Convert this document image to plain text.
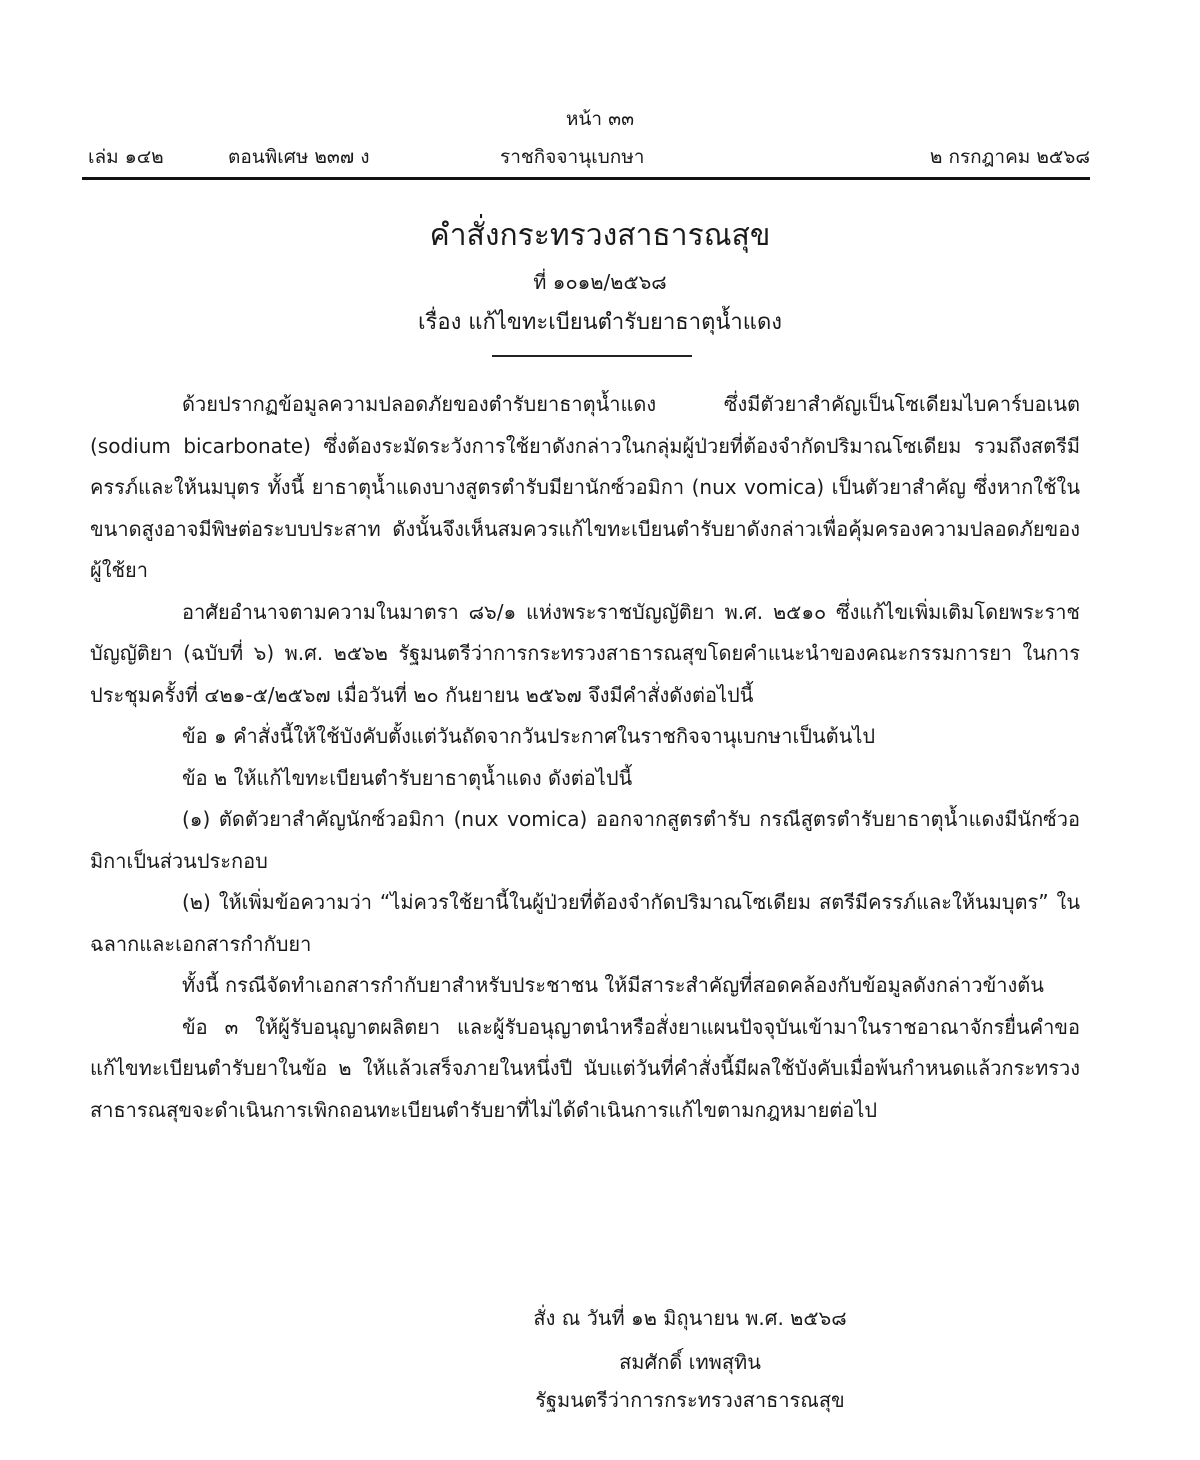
หน้า ๓๓
เล่ม ๑๔๒	ตอนพิเศษ ๒๓๗ ง	ราชกิจจานุเบกษา	๒ กรกฎาคม ๒๕๖๘
คำสั่งกระทรวงสาธารณสุข
ที่ ๑๐๑๒/๒๕๖๘
เรื่อง แก้ไขทะเบียนตำรับยาธาตุน้ำแดง

ด้วยปรากฏข้อมูลความปลอดภัยของตำรับยาธาตุน้ำแดง ซึ่งมีตัวยาสำคัญเป็นโซเดียมไบคาร์บอเนต (sodium bicarbonate) ซึ่งต้องระมัดระวังการใช้ยาดังกล่าวในกลุ่มผู้ป่วยที่ต้องจำกัดปริมาณโซเดียม รวมถึงสตรีมีครรภ์และให้นมบุตร ทั้งนี้ ยาธาตุน้ำแดงบางสูตรตำรับมียานักซ์วอมิกา (nux vomica) เป็นตัวยาสำคัญ ซึ่งหากใช้ในขนาดสูงอาจมีพิษต่อระบบประสาท ดังนั้นจึงเห็นสมควรแก้ไขทะเบียนตำรับยาดังกล่าวเพื่อคุ้มครองความปลอดภัยของผู้ใช้ยา

อาศัยอำนาจตามความในมาตรา ๘๖/๑ แห่งพระราชบัญญัติยา พ.ศ. ๒๕๑๐ ซึ่งแก้ไขเพิ่มเติมโดยพระราชบัญญัติยา (ฉบับที่ ๖) พ.ศ. ๒๕๖๒ รัฐมนตรีว่าการกระทรวงสาธารณสุขโดยคำแนะนำของคณะกรรมการยา ในการประชุมครั้งที่ ๔๒๑-๕/๒๕๖๗ เมื่อวันที่ ๒๐ กันยายน ๒๕๖๗ จึงมีคำสั่งดังต่อไปนี้

ข้อ ๑ คำสั่งนี้ให้ใช้บังคับตั้งแต่วันถัดจากวันประกาศในราชกิจจานุเบกษาเป็นต้นไป

ข้อ ๒ ให้แก้ไขทะเบียนตำรับยาธาตุน้ำแดง ดังต่อไปนี้

(๑) ตัดตัวยาสำคัญนักซ์วอมิกา (nux vomica) ออกจากสูตรตำรับ กรณีสูตรตำรับยาธาตุน้ำแดงมีนักซ์วอมิกาเป็นส่วนประกอบ

(๒) ให้เพิ่มข้อความว่า “ไม่ควรใช้ยานี้ในผู้ป่วยที่ต้องจำกัดปริมาณโซเดียม สตรีมีครรภ์และให้นมบุตร” ในฉลากและเอกสารกำกับยา

ทั้งนี้ กรณีจัดทำเอกสารกำกับยาสำหรับประชาชน ให้มีสาระสำคัญที่สอดคล้องกับข้อมูลดังกล่าวข้างต้น

ข้อ ๓ ให้ผู้รับอนุญาตผลิตยา และผู้รับอนุญาตนำหรือสั่งยาแผนปัจจุบันเข้ามาในราชอาณาจักรยื่นคำขอแก้ไขทะเบียนตำรับยาในข้อ ๒ ให้แล้วเสร็จภายในหนึ่งปี นับแต่วันที่คำสั่งนี้มีผลใช้บังคับเมื่อพ้นกำหนดแล้วกระทรวงสาธารณสุขจะดำเนินการเพิกถอนทะเบียนตำรับยาที่ไม่ได้ดำเนินการแก้ไขตามกฎหมายต่อไป

สั่ง ณ วันที่ ๑๒ มิถุนายน พ.ศ. ๒๕๖๘
สมศักดิ์ เทพสุทิน
รัฐมนตรีว่าการกระทรวงสาธารณสุข
